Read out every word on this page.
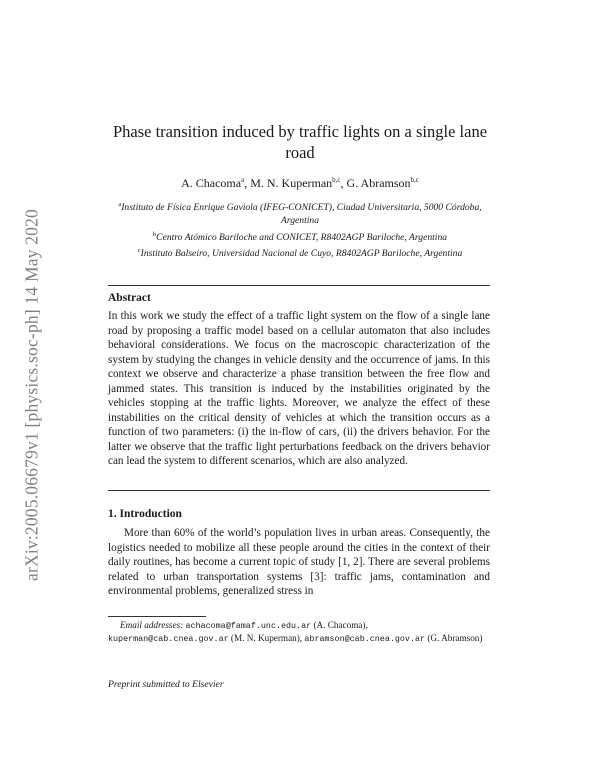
arXiv:2005.06679v1 [physics.soc-ph] 14 May 2020
Phase transition induced by traffic lights on a single lane road
A. Chacoma$^a$, M. N. Kuperman$^{b,c}$, G. Abramson$^{b,c}$
$^a$Instituto de Física Enrique Gaviola (IFEG-CONICET), Ciudad Universitaria, 5000 Córdoba, Argentina
$^b$Centro Atómico Bariloche and CONICET, R8402AGP Bariloche, Argentina
$^c$Instituto Balseiro, Universidad Nacional de Cuyo, R8402AGP Bariloche, Argentina
Abstract
In this work we study the effect of a traffic light system on the flow of a single lane road by proposing a traffic model based on a cellular automaton that also includes behavioral considerations. We focus on the macroscopic characterization of the system by studying the changes in vehicle density and the occurrence of jams. In this context we observe and characterize a phase transition between the free flow and jammed states. This transition is induced by the instabilities originated by the vehicles stopping at the traffic lights. Moreover, we analyze the effect of these instabilities on the critical density of vehicles at which the transition occurs as a function of two parameters: (i) the in-flow of cars, (ii) the drivers behavior. For the latter we observe that the traffic light perturbations feedback on the drivers behavior can lead the system to different scenarios, which are also analyzed.
1. Introduction
More than 60% of the world’s population lives in urban areas. Consequently, the logistics needed to mobilize all these people around the cities in the context of their daily routines, has become a current topic of study [1, 2]. There are several problems related to urban transportation systems [3]: traffic jams, contamination and environmental problems, generalized stress in
Email addresses: achacoma@famaf.unc.edu.ar (A. Chacoma),
kuperman@cab.cnea.gov.ar (M. N. Kuperman), abramson@cab.cnea.gov.ar (G. Abramson)
Preprint submitted to Elsevier
